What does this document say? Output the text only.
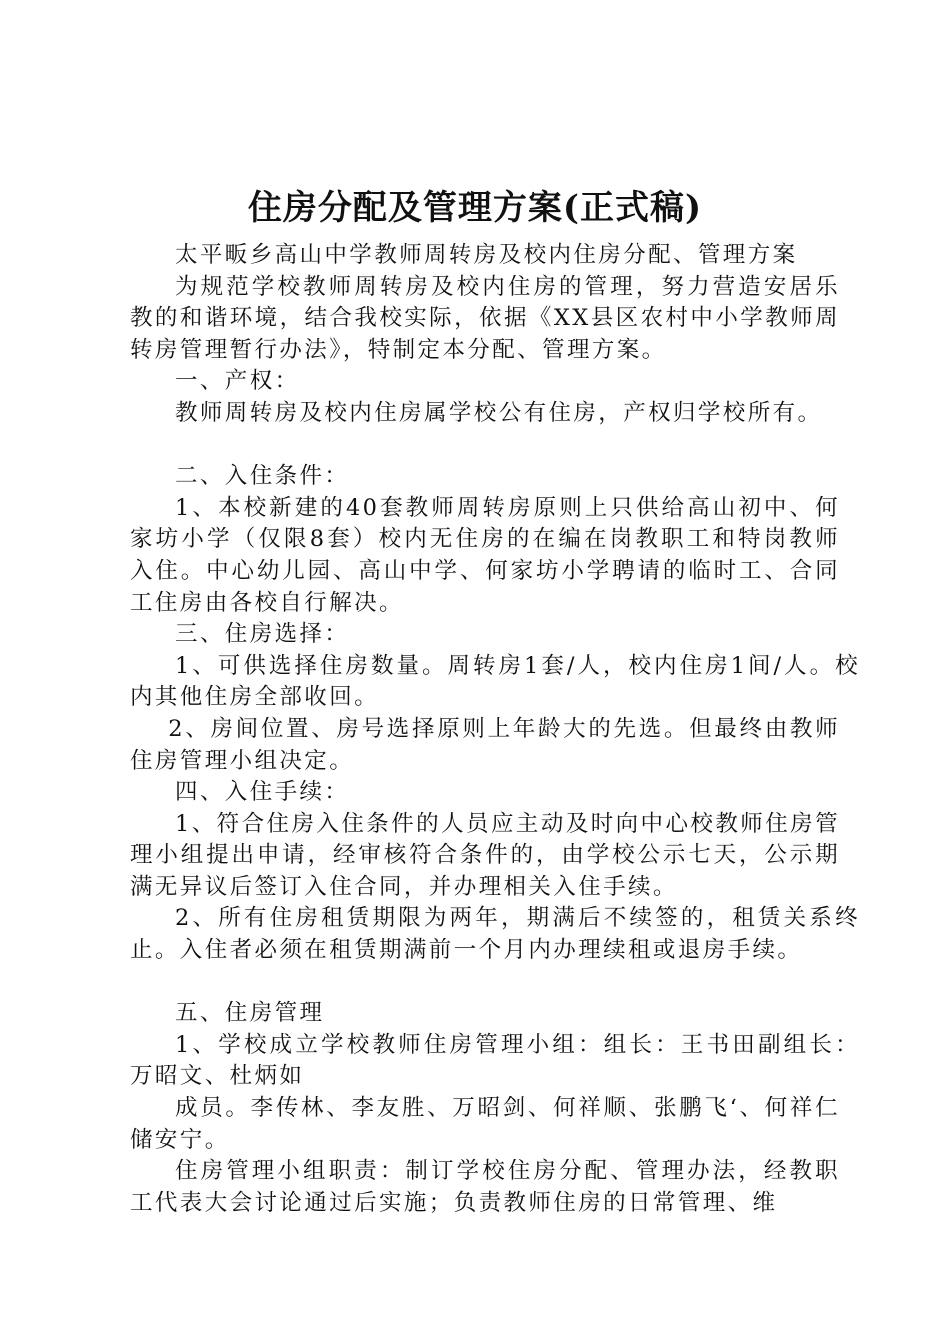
住房分配及管理方案(正式稿)

太平畈乡高山中学教师周转房及校内住房分配、管理方案

为规范学校教师周转房及校内住房的管理，努力营造安居乐教的和谐环境，结合我校实际，依据《XX县区农村中小学教师周转房管理暂行办法》，特制定本分配、管理方案。

一、产权：

教师周转房及校内住房属学校公有住房，产权归学校所有。

二、入住条件：

1、本校新建的40套教师周转房原则上只供给高山初中、何家坊小学（仅限8套）校内无住房的在编在岗教职工和特岗教师入住。中心幼儿园、高山中学、何家坊小学聘请的临时工、合同工住房由各校自行解决。

三、住房选择：

1、可供选择住房数量。周转房1套/人，校内住房1间/人。校内其他住房全部收回。

2、房间位置、房号选择原则上年龄大的先选。但最终由教师住房管理小组决定。

四、入住手续：

1、符合住房入住条件的人员应主动及时向中心校教师住房管理小组提出申请，经审核符合条件的，由学校公示七天，公示期满无异议后签订入住合同，并办理相关入住手续。

2、所有住房租赁期限为两年，期满后不续签的，租赁关系终止。入住者必须在租赁期满前一个月内办理续租或退房手续。

五、住房管理

1、学校成立学校教师住房管理小组：组长：王书田副组长：万昭文、杜炳如

成员。李传林、李友胜、万昭剑、何祥顺、张鹏飞‘、何祥仁储安宁。

住房管理小组职责：制订学校住房分配、管理办法，经教职工代表大会讨论通过后实施；负责教师住房的日常管理、维
